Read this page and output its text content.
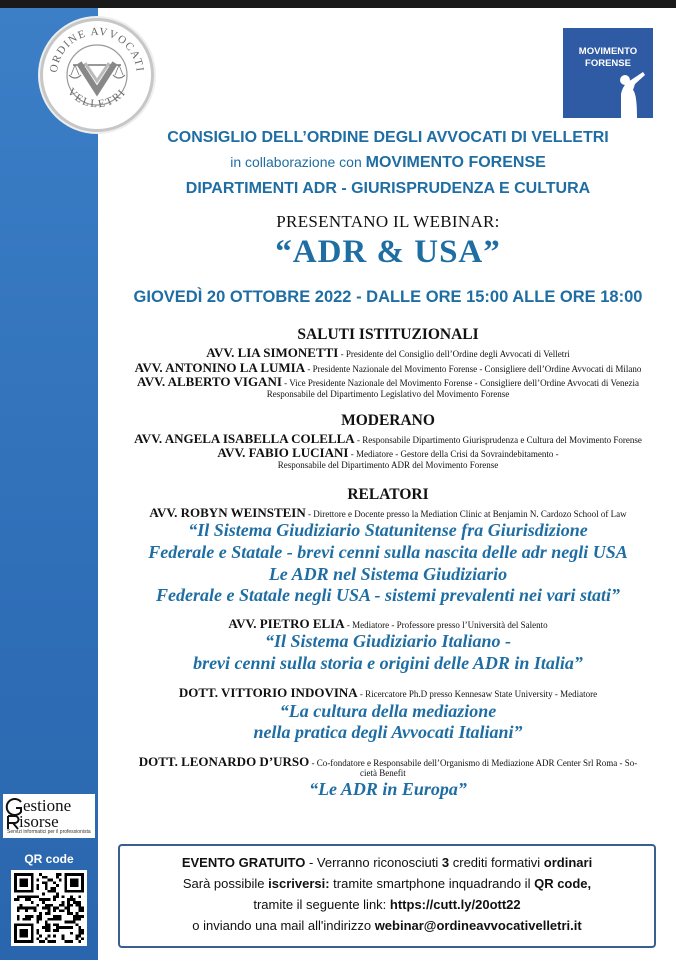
ORDINE AVVOCATI
VELLETRI
MOVIMENTO
FORENSE
CONSIGLIO DELL’ORDINE DEGLI AVVOCATI DI VELLETRI
in collaborazione con MOVIMENTO FORENSE
DIPARTIMENTI ADR - GIURISPRUDENZA E CULTURA
PRESENTANO IL WEBINAR:
“ADR & USA”
GIOVEDÌ 20 OTTOBRE 2022 - DALLE ORE 15:00 ALLE ORE 18:00
SALUTI ISTITUZIONALI
AVV. LIA SIMONETTI - Presidente del Consiglio dell’Ordine degli Avvocati di Velletri
AVV. ANTONINO LA LUMIA - Presidente Nazionale del Movimento Forense - Consigliere dell’Ordine Avvocati di Milano
AVV. ALBERTO VIGANI - Vice Presidente Nazionale del Movimento Forense - Consigliere dell’Ordine Avvocati di Venezia
Responsabile del Dipartimento Legislativo del Movimento Forense
MODERANO
AVV. ANGELA ISABELLA COLELLA - Responsabile Dipartimento Giurisprudenza e Cultura del Movimento Forense
AVV. FABIO LUCIANI - Mediatore - Gestore della Crisi da Sovraindebitamento -
Responsabile del Dipartimento ADR del Movimento Forense
RELATORI
AVV. ROBYN WEINSTEIN - Direttore e Docente presso la Mediation Clinic at Benjamin N. Cardozo School of Law
“Il Sistema Giudiziario Statunitense fra Giurisdizione
Federale e Statale - brevi cenni sulla nascita delle adr negli USA
Le ADR nel Sistema Giudiziario
Federale e Statale negli USA - sistemi prevalenti nei vari stati”
AVV. PIETRO ELIA - Mediatore - Professore presso l’Università del Salento
“Il Sistema Giudiziario Italiano -
brevi cenni sulla storia e origini delle ADR in Italia”
DOTT. VITTORIO INDOVINA - Ricercatore Ph.D presso Kennesaw State University - Mediatore
“La cultura della mediazione
nella pratica degli Avvocati Italiani”
DOTT. LEONARDO D’URSO - Co-fondatore e Responsabile dell’Organismo di Mediazione ADR Center Srl Roma - So-
cietà Benefit
“Le ADR in Europa”
estione
isorse
Servizi informatici per il professionista
QR code	EVENTO GRATUITO - Verranno riconosciuti 3 crediti formativi ordinari
Sarà possibile iscriversi: tramite smartphone inquadrando il QR code,
tramite il seguente link: https://cutt.ly/20ott22
o inviando una mail all'indirizzo webinar@ordineavvocativelletri.it
